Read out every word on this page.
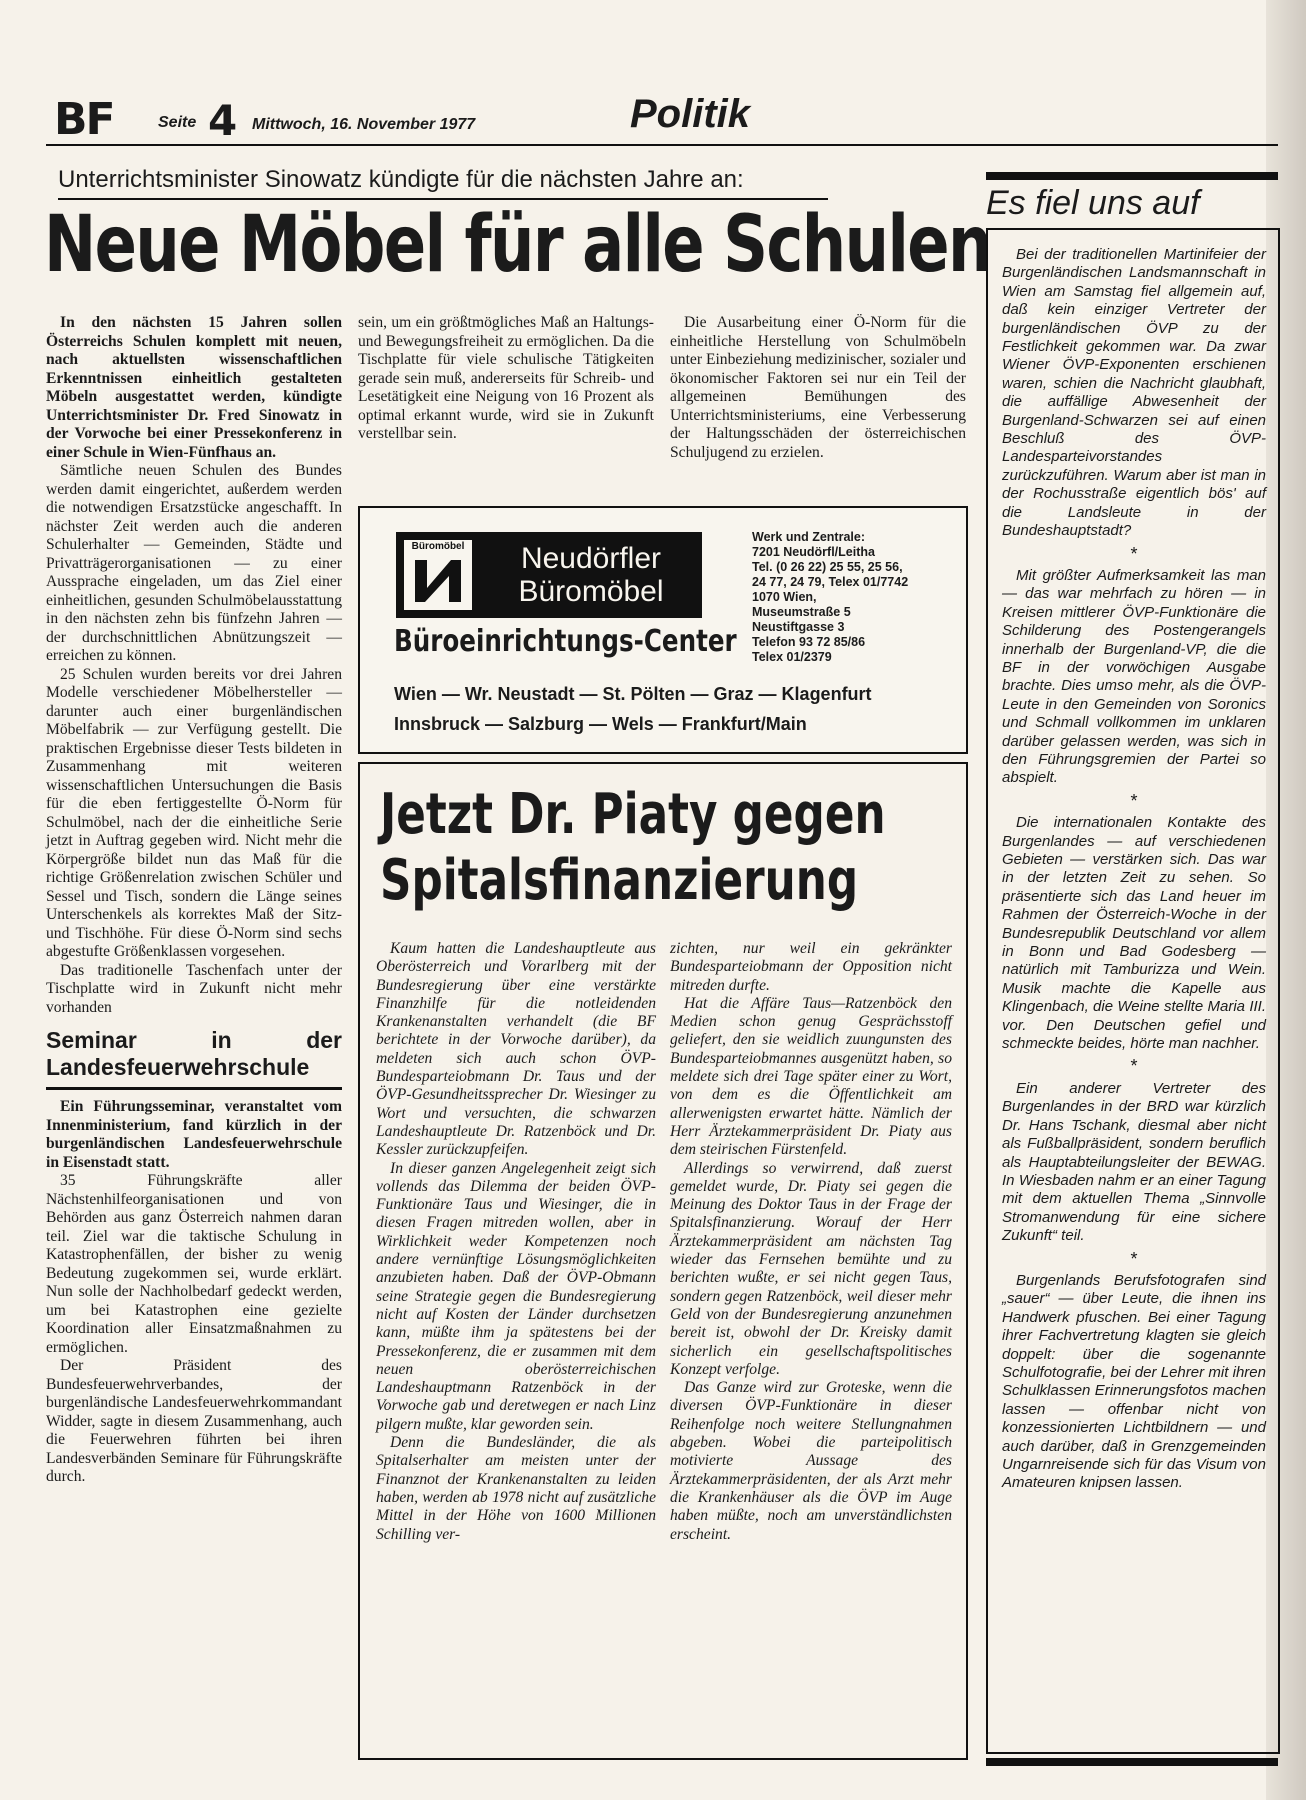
BF	Seite 4 Mittwoch, 16. November 1977	Politik
Unterrichtsminister Sinowatz kündigte für die nächsten Jahre an:
Neue Möbel für alle Schulen

In den nächsten 15 Jahren sollen Österreichs Schulen komplett mit neuen, nach aktuellsten wissenschaftlichen Erkenntnissen einheitlich gestalteten Möbeln ausgestattet werden, kündigte Unterrichtsminister Dr. Fred Sinowatz in der Vorwoche bei einer Pressekonferenz in einer Schule in Wien-Fünfhaus an.

Sämtliche neuen Schulen des Bundes werden damit eingerichtet, außerdem werden die notwendigen Ersatzstücke angeschafft. In nächster Zeit werden auch die anderen Schulerhalter — Gemeinden, Städte und Privatträgerorganisationen — zu einer Aussprache eingeladen, um das Ziel einer einheitlichen, gesunden Schulmöbelausstattung in den nächsten zehn bis fünfzehn Jahren — der durchschnittlichen Abnützungszeit — erreichen zu können.

25 Schulen wurden bereits vor drei Jahren Modelle verschiedener Möbelhersteller — darunter auch einer burgenländischen Möbelfabrik — zur Verfügung gestellt. Die praktischen Ergebnisse dieser Tests bildeten in Zusammenhang mit weiteren wissenschaftlichen Untersuchungen die Basis für die eben fertiggestellte Ö-Norm für Schulmöbel, nach der die einheitliche Serie jetzt in Auftrag gegeben wird. Nicht mehr die Körpergröße bildet nun das Maß für die richtige Größenrelation zwischen Schüler und Sessel und Tisch, sondern die Länge seines Unterschenkels als korrektes Maß der Sitz- und Tischhöhe. Für diese Ö-Norm sind sechs abgestufte Größenklassen vorgesehen.

Das traditionelle Taschenfach unter der Tischplatte wird in Zukunft nicht mehr vorhanden

Seminar in der Landesfeuerwehrschule

Ein Führungsseminar, veranstaltet vom Innenministerium, fand kürzlich in der burgenländischen Landesfeuerwehrschule in Eisenstadt statt.

35 Führungskräfte aller Nächstenhilfeorganisationen und von Behörden aus ganz Österreich nahmen daran teil. Ziel war die taktische Schulung in Katastrophenfällen, der bisher zu wenig Bedeutung zugekommen sei, wurde erklärt. Nun solle der Nachholbedarf gedeckt werden, um bei Katastrophen eine gezielte Koordination aller Einsatzmaßnahmen zu ermöglichen.

Der Präsident des Bundesfeuerwehrverbandes, der burgenländische Landesfeuerwehrkommandant Widder, sagte in diesem Zusammenhang, auch die Feuerwehren führten bei ihren Landesverbänden Seminare für Führungskräfte durch.

sein, um ein größtmögliches Maß an Haltungs- und Bewegungsfreiheit zu ermöglichen. Da die Tischplatte für viele schulische Tätigkeiten gerade sein muß, andererseits für Schreib- und Lesetätigkeit eine Neigung von 16 Prozent als optimal erkannt wurde, wird sie in Zukunft verstellbar sein.

Die Ausarbeitung einer Ö-Norm für die einheitliche Herstellung von Schulmöbeln unter Einbeziehung medizinischer, sozialer und ökonomischer Faktoren sei nur ein Teil der allgemeinen Bemühungen des Unterrichtsministeriums, eine Verbesserung der Haltungsschäden der österreichischen Schuljugend zu erzielen.

Büromöbel	Neudörfler
Büromöbel
Büroeinrichtungs-Center
Wien — Wr. Neustadt — St. Pölten — Graz — Klagenfurt
Innsbruck — Salzburg — Wels — Frankfurt/Main
Werk und Zentrale:
7201 Neudörfl/Leitha
Tel. (0 26 22) 25 55, 25 56,
24 77, 24 79, Telex 01/7742
1070 Wien,
Museumstraße 5
Neustiftgasse 3
Telefon 93 72 85/86
Telex 01/2379
Jetzt Dr. Piaty gegen
Spitalsfinanzierung

Kaum hatten die Landeshauptleute aus Oberösterreich und Vorarlberg mit der Bundesregierung über eine verstärkte Finanzhilfe für die notleidenden Krankenanstalten verhandelt (die BF berichtete in der Vorwoche darüber), da meldeten sich auch schon ÖVP-Bundesparteiobmann Dr. Taus und der ÖVP-Gesundheitssprecher Dr. Wiesinger zu Wort und versuchten, die schwarzen Landeshauptleute Dr. Ratzenböck und Dr. Kessler zurückzupfeifen.

In dieser ganzen Angelegenheit zeigt sich vollends das Dilemma der beiden ÖVP-Funktionäre Taus und Wiesinger, die in diesen Fragen mitreden wollen, aber in Wirklichkeit weder Kompetenzen noch andere vernünftige Lösungsmöglichkeiten anzubieten haben. Daß der ÖVP-Obmann seine Strategie gegen die Bundesregierung nicht auf Kosten der Länder durchsetzen kann, müßte ihm ja spätestens bei der Pressekonferenz, die er zusammen mit dem neuen oberösterreichischen Landeshauptmann Ratzenböck in der Vorwoche gab und deretwegen er nach Linz pilgern mußte, klar geworden sein.

Denn die Bundesländer, die als Spitalserhalter am meisten unter der Finanznot der Krankenanstalten zu leiden haben, werden ab 1978 nicht auf zusätzliche Mittel in der Höhe von 1600 Millionen Schilling ver-

zichten, nur weil ein gekränkter Bundesparteiobmann der Opposition nicht mitreden durfte.

Hat die Affäre Taus—Ratzenböck den Medien schon genug Gesprächsstoff geliefert, den sie weidlich zuungunsten des Bundesparteiobmannes ausgenützt haben, so meldete sich drei Tage später einer zu Wort, von dem es die Öffentlichkeit am allerwenigsten erwartet hätte. Nämlich der Herr Ärztekammerpräsident Dr. Piaty aus dem steirischen Fürstenfeld.

Allerdings so verwirrend, daß zuerst gemeldet wurde, Dr. Piaty sei gegen die Meinung des Doktor Taus in der Frage der Spitalsfinanzierung. Worauf der Herr Ärztekammerpräsident am nächsten Tag wieder das Fernsehen bemühte und zu berichten wußte, er sei nicht gegen Taus, sondern gegen Ratzenböck, weil dieser mehr Geld von der Bundesregierung anzunehmen bereit ist, obwohl der Dr. Kreisky damit sicherlich ein gesellschaftspolitisches Konzept verfolge.

Das Ganze wird zur Groteske, wenn die diversen ÖVP-Funktionäre in dieser Reihenfolge noch weitere Stellungnahmen abgeben. Wobei die parteipolitisch motivierte Aussage des Ärztekammerpräsidenten, der als Arzt mehr die Krankenhäuser als die ÖVP im Auge haben müßte, noch am unverständlichsten erscheint.

Es fiel uns auf

Bei der traditionellen Martinifeier der Burgenländischen Landsmannschaft in Wien am Samstag fiel allgemein auf, daß kein einziger Vertreter der burgenländischen ÖVP zu der Festlichkeit gekommen war. Da zwar Wiener ÖVP-Exponenten erschienen waren, schien die Nachricht glaubhaft, die auffällige Abwesenheit der Burgenland-Schwarzen sei auf einen Beschluß des ÖVP-Landesparteivorstandes zurückzuführen. Warum aber ist man in der Rochusstraße eigentlich bös' auf die Landsleute in der Bundeshauptstadt?

*

Mit größter Aufmerksamkeit las man — das war mehrfach zu hören — in Kreisen mittlerer ÖVP-Funktionäre die Schilderung des Postengerangels innerhalb der Burgenland-VP, die die BF in der vorwöchigen Ausgabe brachte. Dies umso mehr, als die ÖVP-Leute in den Gemeinden von Soronics und Schmall vollkommen im unklaren darüber gelassen werden, was sich in den Führungsgremien der Partei so abspielt.

*

Die internationalen Kontakte des Burgenlandes — auf verschiedenen Gebieten — verstärken sich. Das war in der letzten Zeit zu sehen. So präsentierte sich das Land heuer im Rahmen der Österreich-Woche in der Bundesrepublik Deutschland vor allem in Bonn und Bad Godesberg — natürlich mit Tamburizza und Wein. Musik machte die Kapelle aus Klingenbach, die Weine stellte Maria III. vor. Den Deutschen gefiel und schmeckte beides, hörte man nachher.

*

Ein anderer Vertreter des Burgenlandes in der BRD war kürzlich Dr. Hans Tschank, diesmal aber nicht als Fußballpräsident, sondern beruflich als Hauptabteilungsleiter der BEWAG. In Wiesbaden nahm er an einer Tagung mit dem aktuellen Thema „Sinnvolle Stromanwendung für eine sichere Zukunft“ teil.

*

Burgenlands Berufsfotografen sind „sauer“ — über Leute, die ihnen ins Handwerk pfuschen. Bei einer Tagung ihrer Fachvertretung klagten sie gleich doppelt: über die sogenannte Schulfotografie, bei der Lehrer mit ihren Schulklassen Erinnerungsfotos machen lassen — offenbar nicht von konzessionierten Lichtbildnern — und auch darüber, daß in Grenzgemeinden Ungarnreisende sich für das Visum von Amateuren knipsen lassen.
